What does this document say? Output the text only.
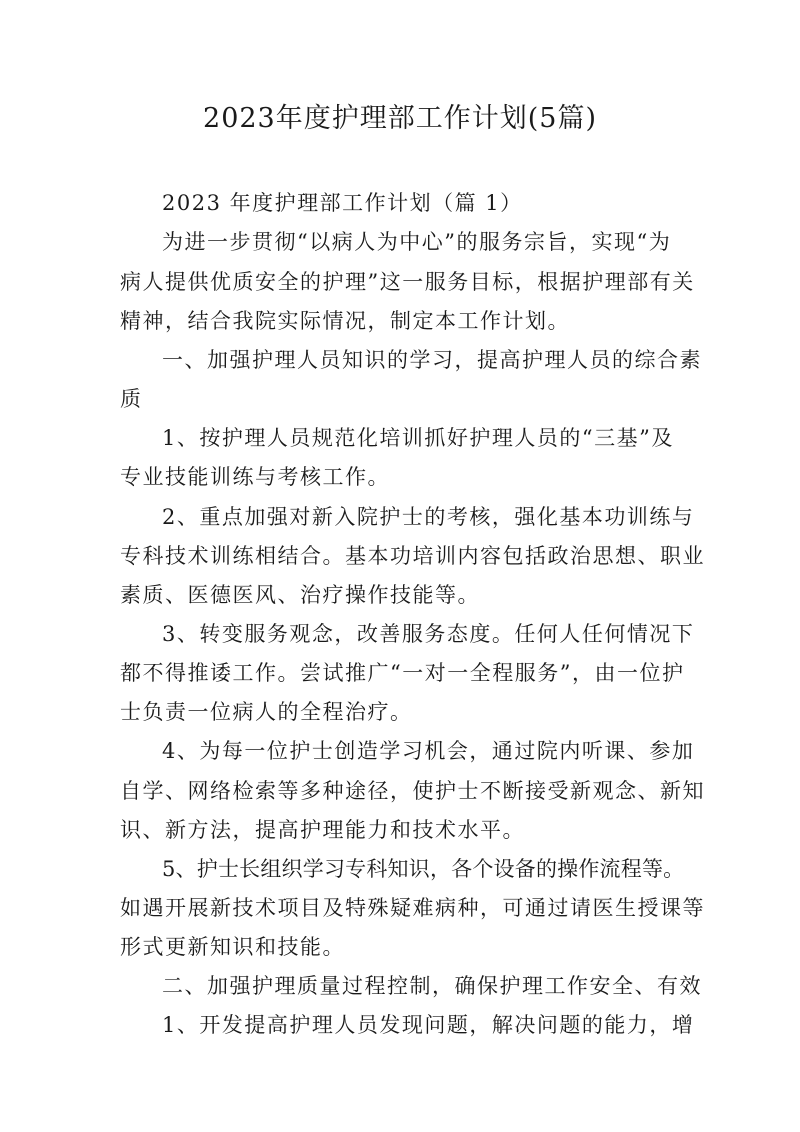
2023年度护理部工作计划(5篇)
2023 年度护理部工作计划（篇 1）
为进一步贯彻“以病人为中心”的服务宗旨，实现“为
病人提供优质安全的护理”这一服务目标，根据护理部有关
精神，结合我院实际情况，制定本工作计划。
一、加强护理人员知识的学习，提高护理人员的综合素
质
1、按护理人员规范化培训抓好护理人员的“三基”及
专业技能训练与考核工作。
2、重点加强对新入院护士的考核，强化基本功训练与
专科技术训练相结合。基本功培训内容包括政治思想、职业
素质、医德医风、治疗操作技能等。
3、转变服务观念，改善服务态度。任何人任何情况下
都不得推诿工作。尝试推广“一对一全程服务”，由一位护
士负责一位病人的全程治疗。
4、为每一位护士创造学习机会，通过院内听课、参加
自学、网络检索等多种途径，使护士不断接受新观念、新知
识、新方法，提高护理能力和技术水平。
5、护士长组织学习专科知识，各个设备的操作流程等。
如遇开展新技术项目及特殊疑难病种，可通过请医生授课等
形式更新知识和技能。
二、加强护理质量过程控制，确保护理工作安全、有效
1、开发提高护理人员发现问题，解决问题的能力，增
